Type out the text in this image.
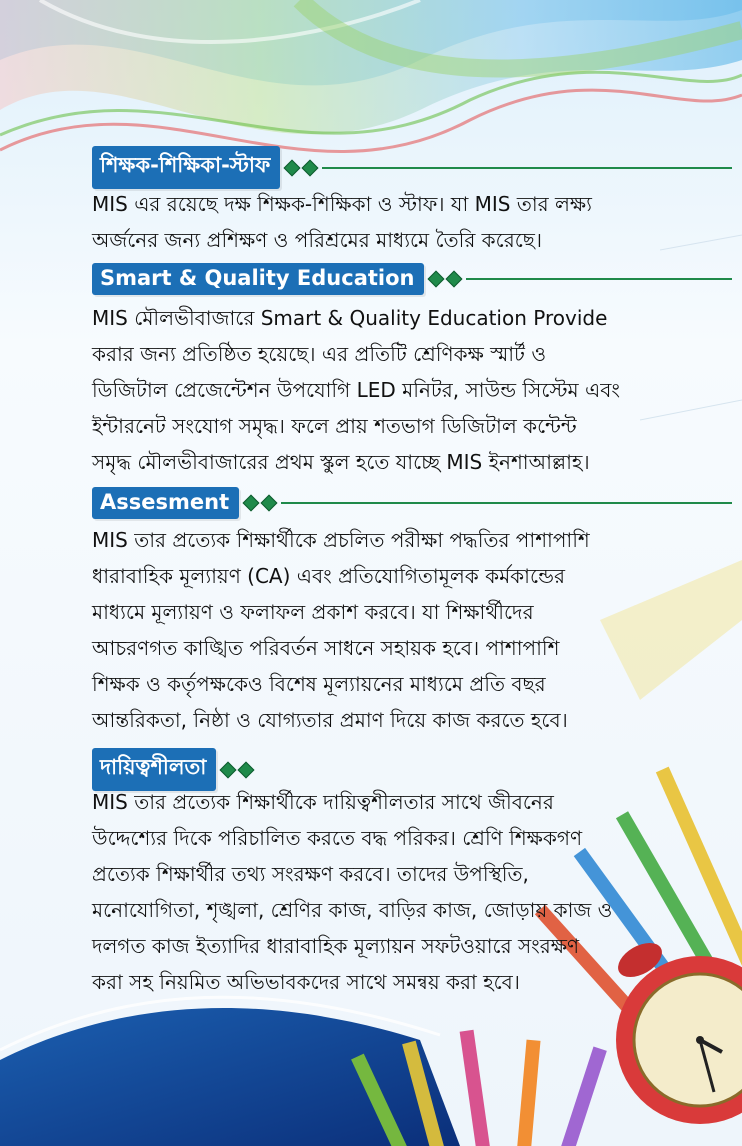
শিক্ষক-শিক্ষিকা-স্টাফ

MIS এর রয়েছে দক্ষ শিক্ষক-শিক্ষিকা ও স্টাফ। যা MIS তার লক্ষ্য

অর্জনের জন্য প্রশিক্ষণ ও পরিশ্রমের মাধ্যমে তৈরি করেছে।

Smart & Quality Education

MIS মৌলভীবাজারে Smart & Quality Education Provide

করার জন্য প্রতিষ্ঠিত হয়েছে। এর প্রতিটি শ্রেণিকক্ষ স্মার্ট ও

ডিজিটাল প্রেজেন্টেশন উপযোগি LED মনিটর, সাউন্ড সিস্টেম এবং

ইন্টারনেট সংযোগ সমৃদ্ধ। ফলে প্রায় শতভাগ ডিজিটাল কন্টেন্ট

সমৃদ্ধ মৌলভীবাজারের প্রথম স্কুল হতে যাচ্ছে MIS ইনশাআল্লাহ।

Assesment

MIS তার প্রত্যেক শিক্ষার্থীকে প্রচলিত পরীক্ষা পদ্ধতির পাশাপাশি

ধারাবাহিক মূল্যায়ণ (CA) এবং প্রতিযোগিতামূলক কর্মকান্ডের

মাধ্যমে মূল্যায়ণ ও ফলাফল প্রকাশ করবে। যা শিক্ষার্থীদের

আচরণগত কাঙ্খিত পরিবর্তন সাধনে সহায়ক হবে। পাশাপাশি

শিক্ষক ও কর্তৃপক্ষকেও বিশেষ মূল্যায়নের মাধ্যমে প্রতি বছর

আন্তরিকতা, নিষ্ঠা ও যোগ্যতার প্রমাণ দিয়ে কাজ করতে হবে।

দায়িত্বশীলতা

MIS তার প্রত্যেক শিক্ষার্থীকে দায়িত্বশীলতার সাথে জীবনের

উদ্দেশ্যের দিকে পরিচালিত করতে বদ্ধ পরিকর। শ্রেণি শিক্ষকগণ

প্রত্যেক শিক্ষার্থীর তথ্য সংরক্ষণ করবে। তাদের উপস্থিতি,

মনোযোগিতা, শৃঙ্খলা, শ্রেণির কাজ, বাড়ির কাজ, জোড়ায় কাজ ও

দলগত কাজ ইত্যাদির ধারাবাহিক মূল্যায়ন সফটওয়ারে সংরক্ষণ

করা সহ নিয়মিত অভিভাবকদের সাথে সমন্বয় করা হবে।
